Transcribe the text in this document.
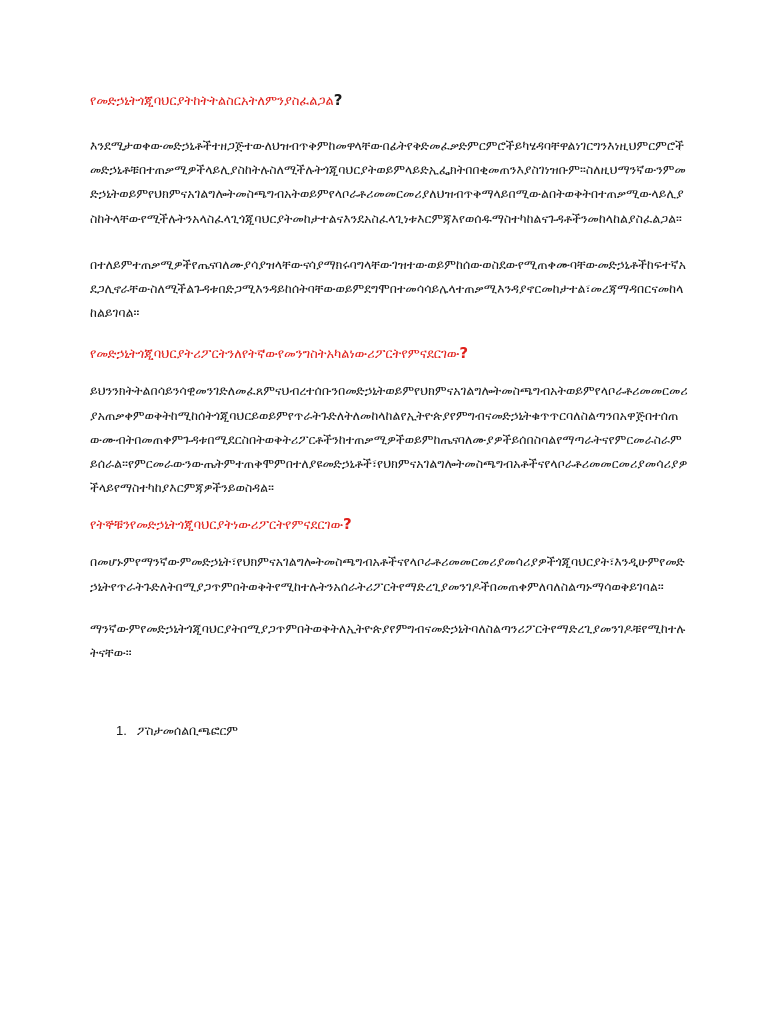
የመድኃኒትጎጂባህርያትከትትልስርአትለምንያስፈልጋል?

እንደሚታወቀውመድኃኒቶችተዘጋጅተውለህዝብጥቅምከመዋላቸውበፊትየቅድመፈቃድምርምሮችይካሄዳባቸዋልነገርግንእነዚህምርምሮችመድኃኒቶቹበተጠቃሚዎችላይሊያስከትሉስለሚችሉትጎጂባህርያትወይምላይድኢፌክትበበቂመጠንእያስገነዝቡም።ስለዚህማንኛውንምመድኃኒትወይምየህክምናአገልግሎትመስጫግብአትወይምየላቦራቶሪመመርመሪያለህዝብጥቅማላይበሚውልበትወቅትበተጠቃሚውላይሊያስከትላቸውየሚችሉትንአላስፈላጊጎጂባህርያትመከታተልናእንደአስፈላጊነቱእርምጃእየወሰዱማስተካከልናጉዳቶችንመከላከልያስፈልጋል።

በተለይምተጠቃሚዎችየጤናባለሙያሳያዝላቸውናሳያማክሩባግላቸውገዝተውወይምከሰውወስደውየሚጠቀሙባቸውመድኃኒቶችከፍተኛአደጋሊኖራቸውስለሚችልጉዳቱበድጋሚእንዳይከሰትባቸውወይምደግሞበተመሳሳይሌላተጠቃሚእንዳያኖርመከታተል፣መረጃማዳበርናመከላከልይገባል።

የመድኃኒትጎጂባህርያትሪፖርትንለየትኛውየመንግስትአካልነውሪፖርትየምናደርገው?

ይህንንክትትልበሳይንሳዊመንገድለመፈጸምናህብረተሰቡንበመድኃኒትወይምየህክምናአገልግሎትመስጫግብአትወይምየላቦራቶሪመመርመሪያአጠቃቀምወቅትከሚከሰትጎጂባህርይወይምየጥራትጉድለትለመከላከልየኢትዮጵያየምግብናመድኃኒትቁጥጥርባለስልጣንበአዋጅበተሰጠውሙብትበመጠቀምጉዳቱበሚደርስበትወቅትሪፖርቶችንከተጠቃሚዎችወይምከጤናባለሙያዎችይሰበስባልየማጣራትናየምርመራስራምይሰራል።የምርመራውንውጤትምተጠቅሞምበተለያዩመድኃኒቶች፣የህክምናአገልግሎትመስጫግብአቶችናየላቦራቶሪመመርመሪያመሳሪያዎችላይየማስተካከያእርምጃዎችንይወስዳል።

የትኞቹንየመድኃኒትጎጂባህርያትነውሪፖርትየምናደርገው?

በመሆኑምየማንኛውምመድኃኒት፣የህክምናአገልግሎትመስጫግብአቶችናየላቦራቶሪመመርመሪያመሳሪያዎችጎጂባህርያት፣እንዲሁምየመድኃኒትየጥራትጉድለትበሚያጋጥምበትወቅትየሚከተሉትንአሰራትሪፖርትየማድረጊያመንገዶችበመጠቀምለባለስልጣኑማሳወቅይገባል።

ማንኛውምየመድኃኒትጎጂባህርያትበሚያጋጥምበትወቅትለኢትዮጵያየምግብናመድኃኒትባለስልጣንሪፖርትየማድረጊያመንገዶቹየሚከተሉትናቸው።

1. ፖስታመሰልቢጫፎርም
